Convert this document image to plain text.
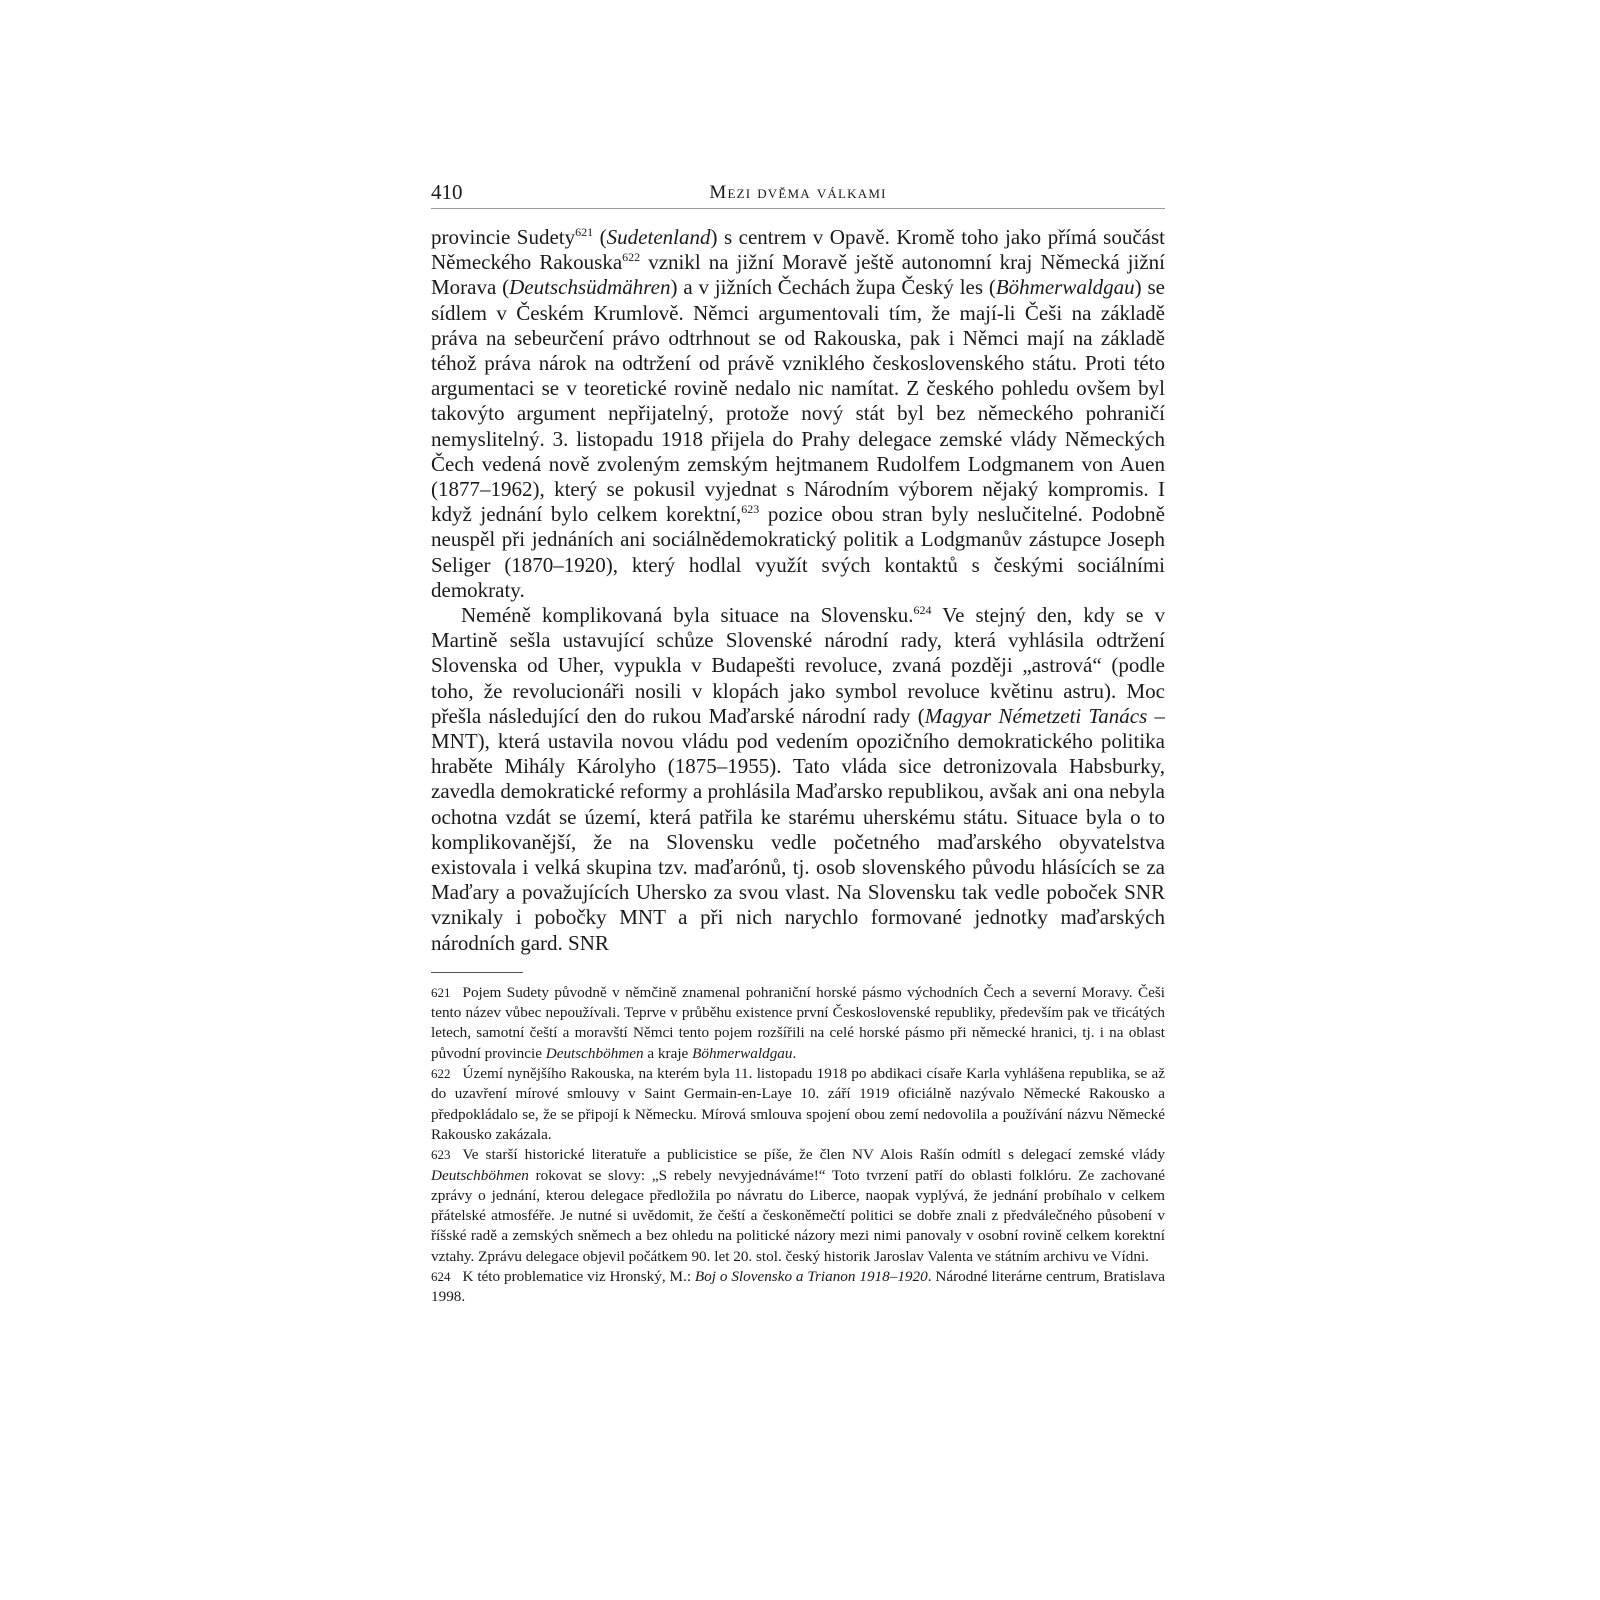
410	Mezi dvěma válkami

provincie Sudety$^{621}$ (Sudetenland) s centrem v Opavě. Kromě toho jako přímá součást Německého Rakouska$^{622}$ vznikl na jižní Moravě ještě autonomní kraj Německá jižní Morava (Deutschsüdmähren) a v jižních Čechách župa Český les (Böhmerwaldgau) se sídlem v Českém Krumlově. Němci argumentovali tím, že mají-li Češi na základě práva na sebeurčení právo odtrhnout se od Rakouska, pak i Němci mají na základě téhož práva nárok na odtržení od právě vzniklého československého státu. Proti této argumentaci se v teoretické rovině nedalo nic namítat. Z českého pohledu ovšem byl takovýto argument nepřijatelný, protože nový stát byl bez německého pohraničí nemyslitelný. 3. listopadu 1918 přijela do Prahy delegace zemské vlády Německých Čech vedená nově zvoleným zemským hejtmanem Rudolfem Lodgmanem von Auen (1877–1962), který se pokusil vyjednat s Národním výborem nějaký kompromis. I když jednání bylo celkem korektní,$^{623}$ pozice obou stran byly neslučitelné. Podobně neuspěl při jednáních ani sociálnědemokratický politik a Lodgmanův zástupce Joseph Seliger (1870–1920), který hodlal využít svých kontaktů s českými sociálními demokraty.

Neméně komplikovaná byla situace na Slovensku.$^{624}$ Ve stejný den, kdy se v Martině sešla ustavující schůze Slovenské národní rady, která vyhlásila odtržení Slovenska od Uher, vypukla v Budapešti revoluce, zvaná později „astrová“ (podle toho, že revolucionáři nosili v klopách jako symbol revoluce květinu astru). Moc přešla následující den do rukou Maďarské národní rady (Magyar Németzeti Tanács – MNT), která ustavila novou vládu pod vedením opozičního demokratického politika hraběte Mihály Károlyho (1875–1955). Tato vláda sice detronizovala Habsburky, zavedla demokratické reformy a prohlásila Maďarsko republikou, avšak ani ona nebyla ochotna vzdát se území, která patřila ke starému uherskému státu. Situace byla o to komplikovanější, že na Slovensku vedle početného maďarského obyvatelstva existovala i velká skupina tzv. maďarónů, tj. osob slovenského původu hlásících se za Maďary a považujících Uhersko za svou vlast. Na Slovensku tak vedle poboček SNR vznikaly i pobočky MNT a při nich narychlo formované jednotky maďarských národních gard. SNR

621 Pojem Sudety původně v němčině znamenal pohraniční horské pásmo východních Čech a severní Moravy. Češi tento název vůbec nepoužívali. Teprve v průběhu existence první Československé republiky, především pak ve třicátých letech, samotní čeští a moravští Němci tento pojem rozšířili na celé horské pásmo při německé hranici, tj. i na oblast původní provincie Deutschböhmen a kraje Böhmerwaldgau.

622 Území nynějšího Rakouska, na kterém byla 11. listopadu 1918 po abdikaci císaře Karla vyhlášena republika, se až do uzavření mírové smlouvy v Saint Germain-en-Laye 10. září 1919 oficiálně nazývalo Německé Rakousko a předpokládalo se, že se připojí k Německu. Mírová smlouva spojení obou zemí nedovolila a používání názvu Německé Rakousko zakázala.

623 Ve starší historické literatuře a publicistice se píše, že člen NV Alois Rašín odmítl s delegací zemské vlády Deutschböhmen rokovat se slovy: „S rebely nevyjednáváme!“ Toto tvrzení patří do oblasti folklóru. Ze zachované zprávy o jednání, kterou delegace předložila po návratu do Liberce, naopak vyplývá, že jednání probíhalo v celkem přátelské atmosféře. Je nutné si uvědomit, že čeští a českoněmečtí politici se dobře znali z předválečného působení v říšské radě a zemských sněmech a bez ohledu na politické názory mezi nimi panovaly v osobní rovině celkem korektní vztahy. Zprávu delegace objevil počátkem 90. let 20. stol. český historik Jaroslav Valenta ve státním archivu ve Vídni.

624 K této problematice viz Hronský, M.: Boj o Slovensko a Trianon 1918–1920. Národné literárne centrum, Bratislava 1998.
